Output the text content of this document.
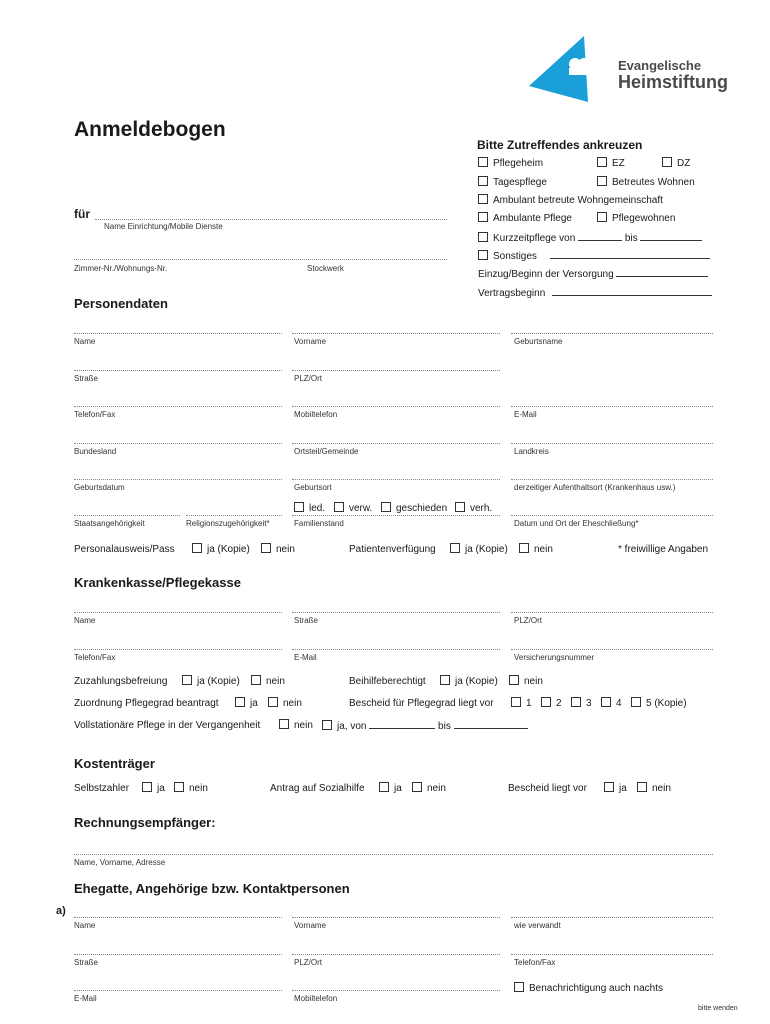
Evangelische
Heimstiftung
Anmeldebogen
Bitte Zutreffendes ankreuzen
Pflegeheim	EZ	DZ
Tagespflege	Betreutes Wohnen
Ambulant betreute Wohngemeinschaft
Ambulante Pflege	Pflegewohnen
Kurzzeitpflege von	bis
Sonstiges
Einzug/Beginn der Versorgung
Vertragsbeginn
für
Name Einrichtung/Mobile Dienste
Zimmer-Nr./Wohnungs-Nr.	Stockwerk
Personendaten
Name	Vorname	Geburtsname
Straße	PLZ/Ort
Telefon/Fax	Mobiltelefon	E-Mail
Bundesland	Ortsteil/Gemeinde	Landkreis
Geburtsdatum	Geburtsort	derzeitiger Aufenthaltsort (Krankenhaus usw.)
led.	verw.	geschieden	verh.
Staatsangehörigkeit	Religionszugehörigkeit*	Familienstand	Datum und Ort der Eheschließung*
Personalausweis/Pass	ja (Kopie)	nein	Patientenverfügung	ja (Kopie)	nein	* freiwillige Angaben
Krankenkasse/Pflegekasse
Name	Straße	PLZ/Ort
Telefon/Fax	E-Mail	Versicherungsnummer
Zuzahlungsbefreiung	ja (Kopie)	nein	Beihilfeberechtigt	ja (Kopie)	nein
Zuordnung Pflegegrad beantragt	ja	nein	Bescheid für Pflegegrad liegt vor	1	2	3	4	5 (Kopie)
Vollstationäre Pflege in der Vergangenheit	nein	ja, von	bis
Kostenträger
Selbstzahler	ja	nein	Antrag auf Sozialhilfe	ja	nein	Bescheid liegt vor	ja	nein
Rechnungsempfänger:
Name, Vorname, Adresse
Ehegatte, Angehörige bzw. Kontaktpersonen
a)
Name	Vorname	wie verwandt
Straße	PLZ/Ort	Telefon/Fax
Benachrichtigung auch nachts
E-Mail	Mobiltelefon
bitte wenden
